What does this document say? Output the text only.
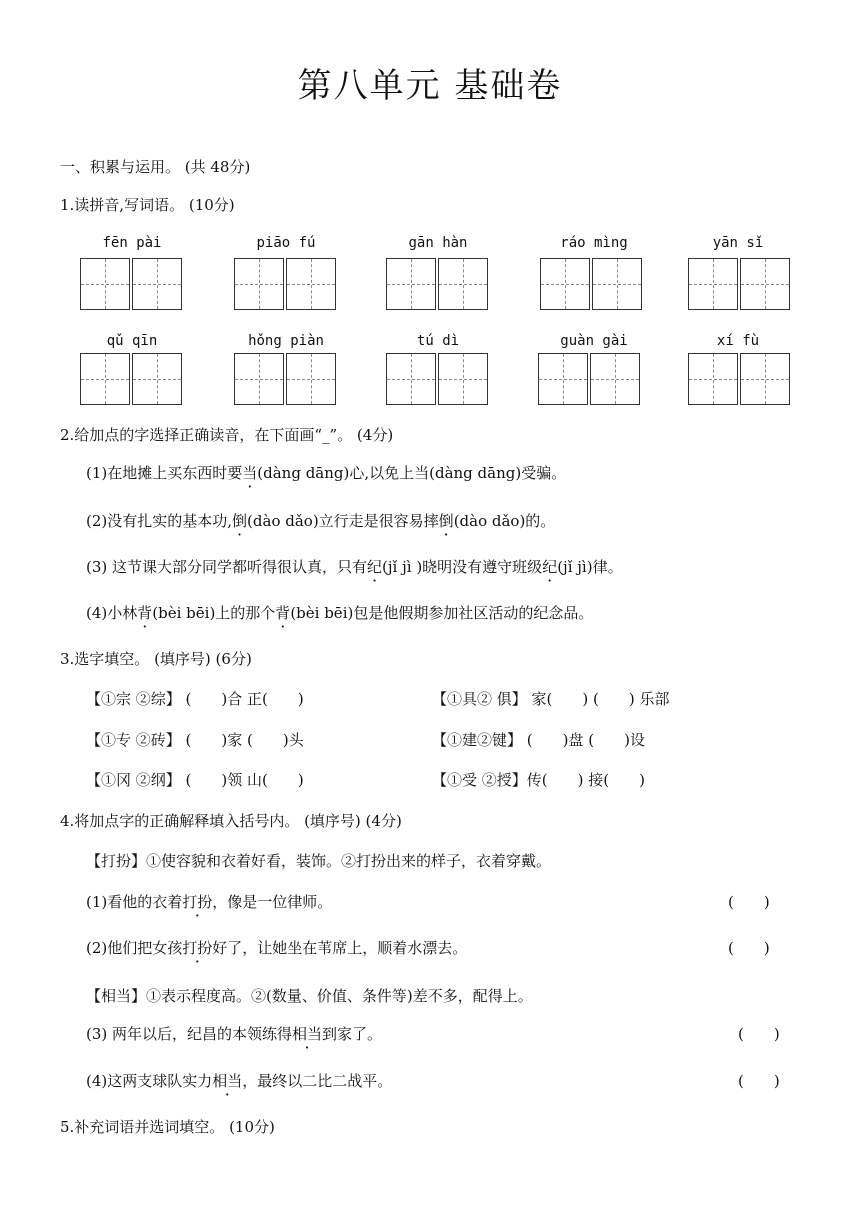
第八单元 基础卷
一、积累与运用。 (共 48分)
1.读拼音,写词语。 (10分)
fēn pài	piāo fú	gān hàn	ráo mìng	yān sǐ
qǔ qīn	hǒng piàn	tú dì	guàn gài	xí fù
2.给加点的字选择正确读音，在下面画“_”。 (4分)
(1)在地摊上买东西时要当(dàng dāng)心,以免上当(dàng dāng)受骗。
(2)没有扎实的基本功,倒(dào dǎo)立行走是很容易摔倒(dào dǎo)的。
(3) 这节课大部分同学都听得很认真，只有纪(jǐ jì )晓明没有遵守班级纪(jǐ jì)律。
(4)小林背(bèi bēi)上的那个背(bèi bēi)包是他假期参加社区活动的纪念品。
3.选字填空。 (填序号) (6分)
【①宗 ②综】 (　　)合 正(　　)
【①专 ②砖】 (　　)家 (　　)头
【①冈 ②纲】 (　　)领 山(　　)
【①具② 俱】 家(　　) (　　) 乐部
【①建②键】 (　　)盘 (　　)设
【①受 ②授】传(　　) 接(　　)
4.将加点字的正确解释填入括号内。 (填序号) (4分)
【打扮】①使容貌和衣着好看，装饰。②打扮出来的样子，衣着穿戴。
(1)看他的衣着打扮，像是一位律师。	(　　)
(2)他们把女孩打扮好了，让她坐在苇席上，顺着水漂去。	(　　)
【相当】①表示程度高。②(数量、价值、条件等)差不多，配得上。
(3) 两年以后，纪昌的本领练得相当到家了。	(　　)
(4)这两支球队实力相当，最终以二比二战平。	(　　)
5.补充词语并选词填空。 (10分)
